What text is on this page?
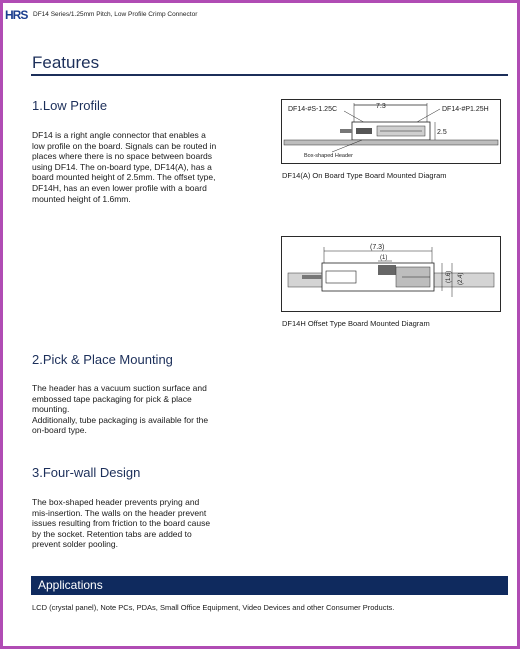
HRS DF14 Series/1.25mm Pitch, Low Profile Crimp Connector
Features
1.Low Profile
DF14 is a right angle connector that enables a
low profile on the board. Signals can be routed in
places where there is no space between boards
using DF14. The on-board type, DF14(A), has a
board mounted height of 2.5mm. The offset type,
DF14H, has an even lower profile with a board
mounted height of 1.6mm.
7.3
DF14-#S-1.25C	DF14-#P1.25H
2.5
Box-shaped Header
DF14(A) On Board Type Board Mounted Diagram
(7.3)
(1)
(1.6) (2.4)
DF14H Offset Type Board Mounted Diagram
2.Pick & Place Mounting
The header has a vacuum suction surface and
embossed tape packaging for pick & place
mounting.
Additionally, tube packaging is available for the
on-board type.
3.Four-wall Design
The box-shaped header prevents prying and
mis-insertion. The walls on the header prevent
issues resulting from friction to the board cause
by the socket. Retention tabs are added to
prevent solder pooling.
Applications
LCD (crystal panel), Note PCs, PDAs, Small Office Equipment, Video Devices and other Consumer Products.
